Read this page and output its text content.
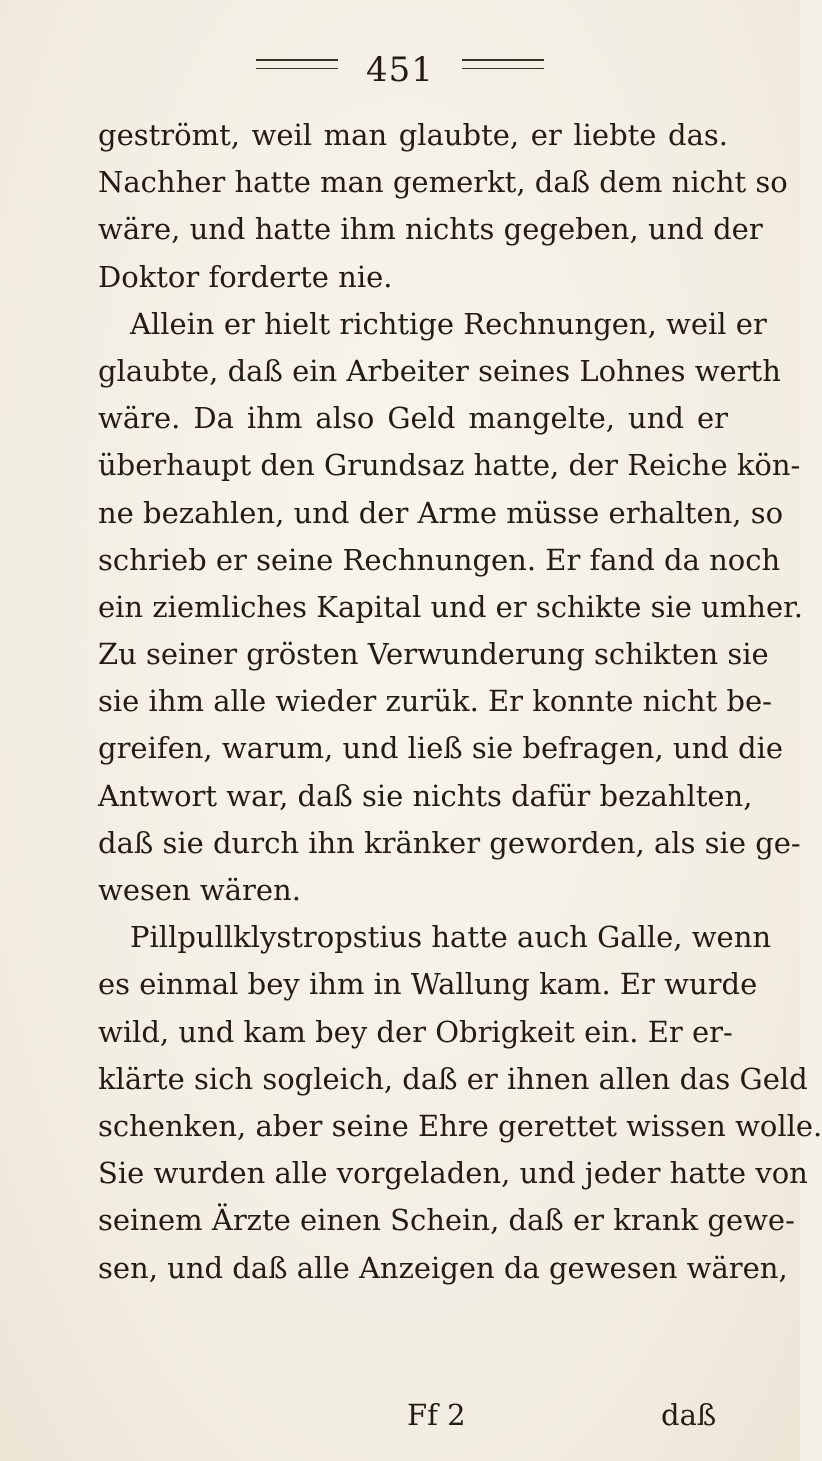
451
geströmt, weil man glaubte, er liebte das.
Nachher hatte man gemerkt, daß dem nicht so
wäre, und hatte ihm nichts gegeben, und der
Doktor forderte nie.
Allein er hielt richtige Rechnungen, weil er
glaubte, daß ein Arbeiter seines Lohnes werth
wäre. Da ihm also Geld mangelte, und er
überhaupt den Grundsaz hatte, der Reiche kön-
ne bezahlen, und der Arme müsse erhalten, so
schrieb er seine Rechnungen. Er fand da noch
ein ziemliches Kapital und er schikte sie umher.
Zu seiner grösten Verwunderung schikten sie
sie ihm alle wieder zurük. Er konnte nicht be-
greifen, warum, und ließ sie befragen, und die
Antwort war, daß sie nichts dafür bezahlten,
daß sie durch ihn kränker geworden, als sie ge-
wesen wären.
Pillpullklystropstius hatte auch Galle, wenn
es einmal bey ihm in Wallung kam. Er wurde
wild, und kam bey der Obrigkeit ein. Er er-
klärte sich sogleich, daß er ihnen allen das Geld
schenken, aber seine Ehre gerettet wissen wolle.
Sie wurden alle vorgeladen, und jeder hatte von
seinem Ärzte einen Schein, daß er krank gewe-
sen, und daß alle Anzeigen da gewesen wären,
Ff 2	daß
